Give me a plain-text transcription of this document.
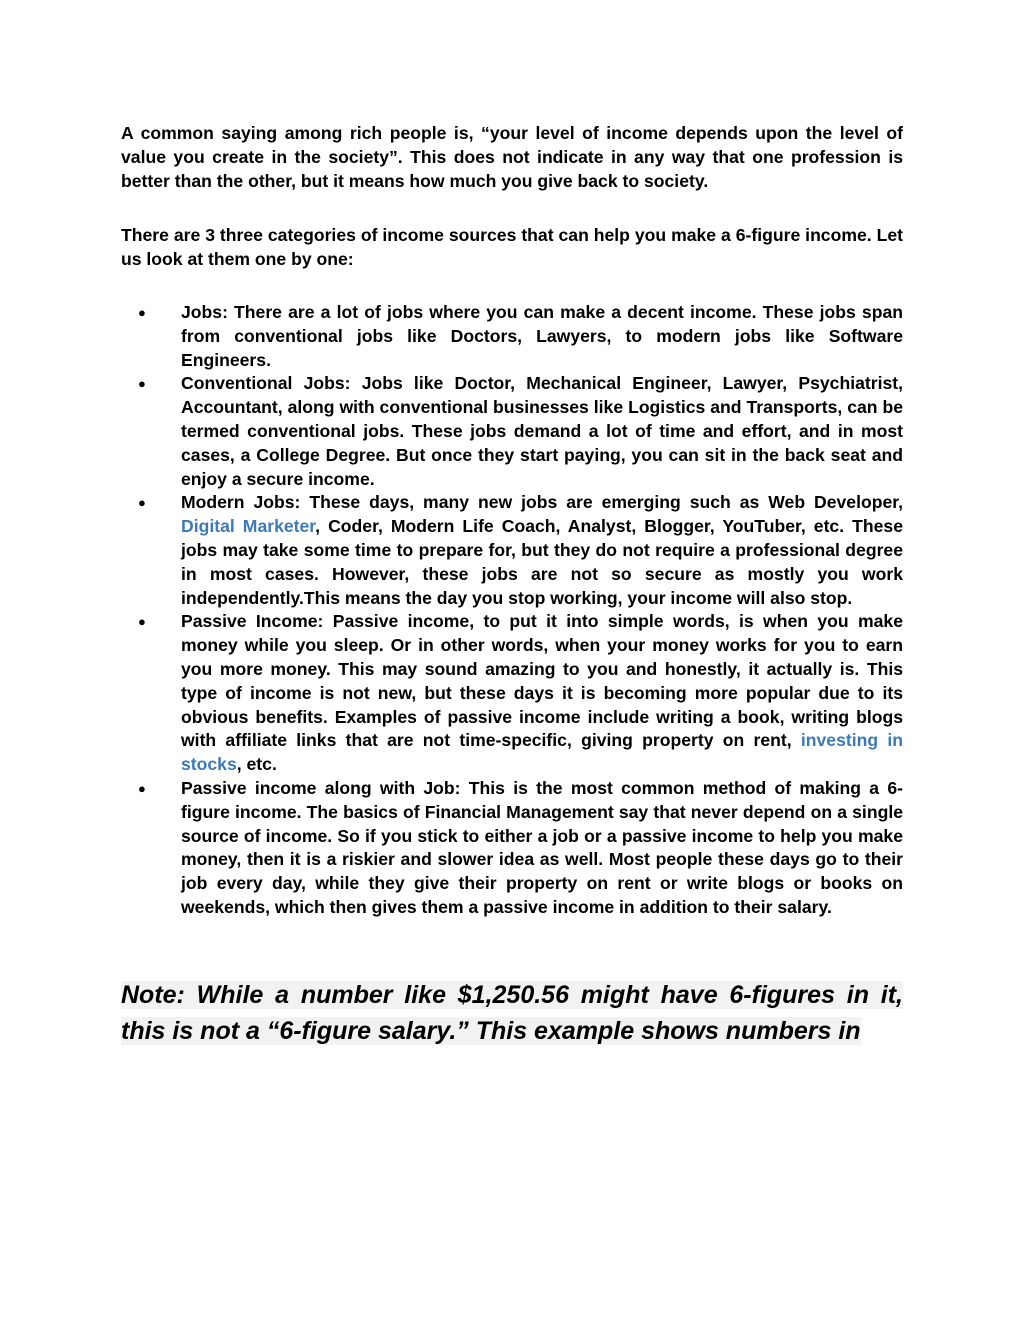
A common saying among rich people is, “your level of income depends upon the level of value you create in the society”. This does not indicate in any way that one profession is better than the other, but it means how much you give back to society.

There are 3 three categories of income sources that can help you make a 6-figure income. Let us look at them one by one:

● Jobs: There are a lot of jobs where you can make a decent income. These jobs span from conventional jobs like Doctors, Lawyers, to modern jobs like Software Engineers.
● Conventional Jobs: Jobs like Doctor, Mechanical Engineer, Lawyer, Psychiatrist, Accountant, along with conventional businesses like Logistics and Transports, can be termed conventional jobs. These jobs demand a lot of time and effort, and in most cases, a College Degree. But once they start paying, you can sit in the back seat and enjoy a secure income.
● Modern Jobs: These days, many new jobs are emerging such as Web Developer, Digital Marketer, Coder, Modern Life Coach, Analyst, Blogger, YouTuber, etc. These jobs may take some time to prepare for, but they do not require a professional degree in most cases. However, these jobs are not so secure as mostly you work independently.This means the day you stop working, your income will also stop.
● Passive Income: Passive income, to put it into simple words, is when you make money while you sleep. Or in other words, when your money works for you to earn you more money. This may sound amazing to you and honestly, it actually is. This type of income is not new, but these days it is becoming more popular due to its obvious benefits. Examples of passive income include writing a book, writing blogs with affiliate links that are not time-specific, giving property on rent, investing in stocks, etc.
● Passive income along with Job: This is the most common method of making a 6-figure income. The basics of Financial Management say that never depend on a single source of income. So if you stick to either a job or a passive income to help you make money, then it is a riskier and slower idea as well. Most people these days go to their job every day, while they give their property on rent or write blogs or books on weekends, which then gives them a passive income in addition to their salary.

Note: While a number like $1,250.56 might have 6-figures in it, this is not a “6-figure salary.” This example shows numbers in
